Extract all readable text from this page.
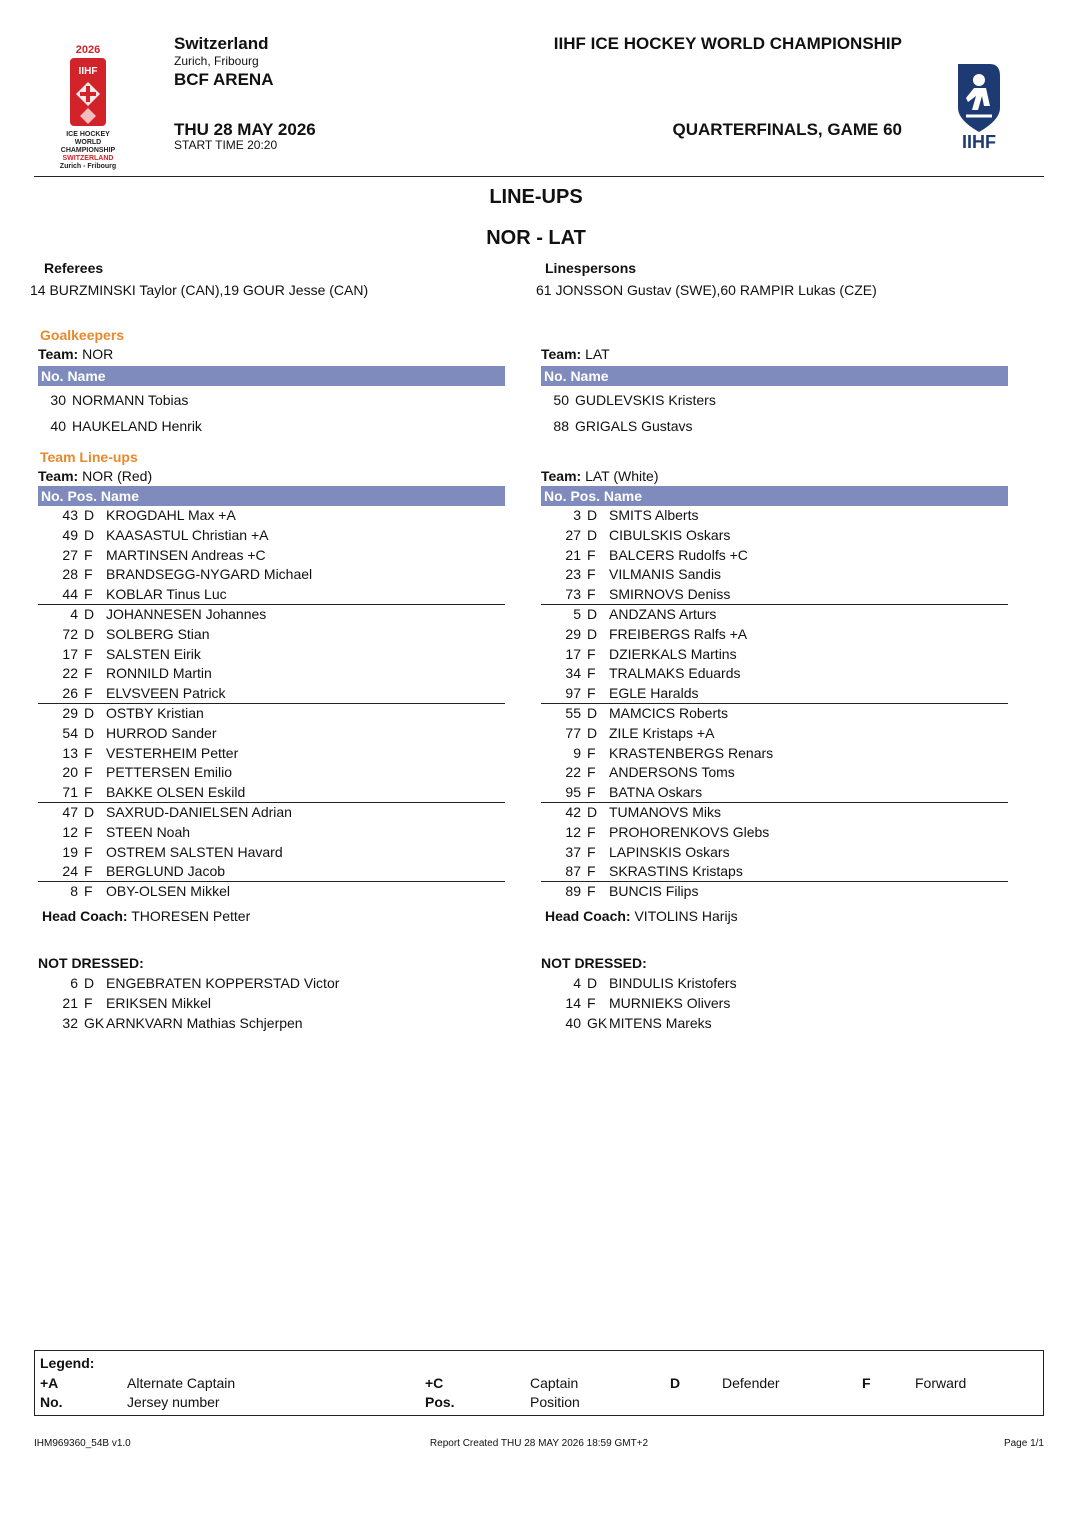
2026
IIHF
ICE HOCKEY
WORLD
CHAMPIONSHIP
SWITZERLAND
Zurich - Fribourg
Switzerland
Zurich, Fribourg
BCF ARENA
THU 28 MAY 2026
START TIME 20:20
IIHF ICE HOCKEY WORLD CHAMPIONSHIP
QUARTERFINALS, GAME 60
IIHF
LINE-UPS
NOR - LAT
Referees
14 BURZMINSKI Taylor (CAN),19 GOUR Jesse (CAN)
Linespersons
61 JONSSON Gustav (SWE),60 RAMPIR Lukas (CZE)
Goalkeepers
Team: NOR
No. Name
30 NORMANN Tobias
40 HAUKELAND Henrik
Team: LAT
No. Name
50 GUDLEVSKIS Kristers
88 GRIGALS Gustavs
Team Line-ups
Team: NOR (Red)
No. Pos. Name
43 D KROGDAHL Max +A
49 D KAASASTUL Christian +A
27 F MARTINSEN Andreas +C
28 F BRANDSEGG-NYGARD Michael
44 F KOBLAR Tinus Luc
4 D JOHANNESEN Johannes
72 D SOLBERG Stian
17 F SALSTEN Eirik
22 F RONNILD Martin
26 F ELVSVEEN Patrick
29 D OSTBY Kristian
54 D HURROD Sander
13 F VESTERHEIM Petter
20 F PETTERSEN Emilio
71 F BAKKE OLSEN Eskild
47 D SAXRUD-DANIELSEN Adrian
12 F STEEN Noah
19 F OSTREM SALSTEN Havard
24 F BERGLUND Jacob
8 F OBY-OLSEN Mikkel
Head Coach: THORESEN Petter
Team: LAT (White)
No. Pos. Name
3 D SMITS Alberts
27 D CIBULSKIS Oskars
21 F BALCERS Rudolfs +C
23 F VILMANIS Sandis
73 F SMIRNOVS Deniss
5 D ANDZANS Arturs
29 D FREIBERGS Ralfs +A
17 F DZIERKALS Martins
34 F TRALMAKS Eduards
97 F EGLE Haralds
55 D MAMCICS Roberts
77 D ZILE Kristaps +A
9 F KRASTENBERGS Renars
22 F ANDERSONS Toms
95 F BATNA Oskars
42 D TUMANOVS Miks
12 F PROHORENKOVS Glebs
37 F LAPINSKIS Oskars
87 F SKRASTINS Kristaps
89 F BUNCIS Filips
Head Coach: VITOLINS Harijs
NOT DRESSED:
6 D ENGEBRATEN KOPPERSTAD Victor
21 F ERIKSEN Mikkel
32 GK ARNKVARN Mathias Schjerpen
NOT DRESSED:
4 D BINDULIS Kristofers
14 F MURNIEKS Olivers
40 GK MITENS Mareks
Legend:
+A	Alternate Captain	+C	Captain	D	Defender	F	Forward
No.	Jersey number	Pos.	Position
IHM969360_54B v1.0	Report Created THU 28 MAY 2026 18:59 GMT+2	Page 1/1
